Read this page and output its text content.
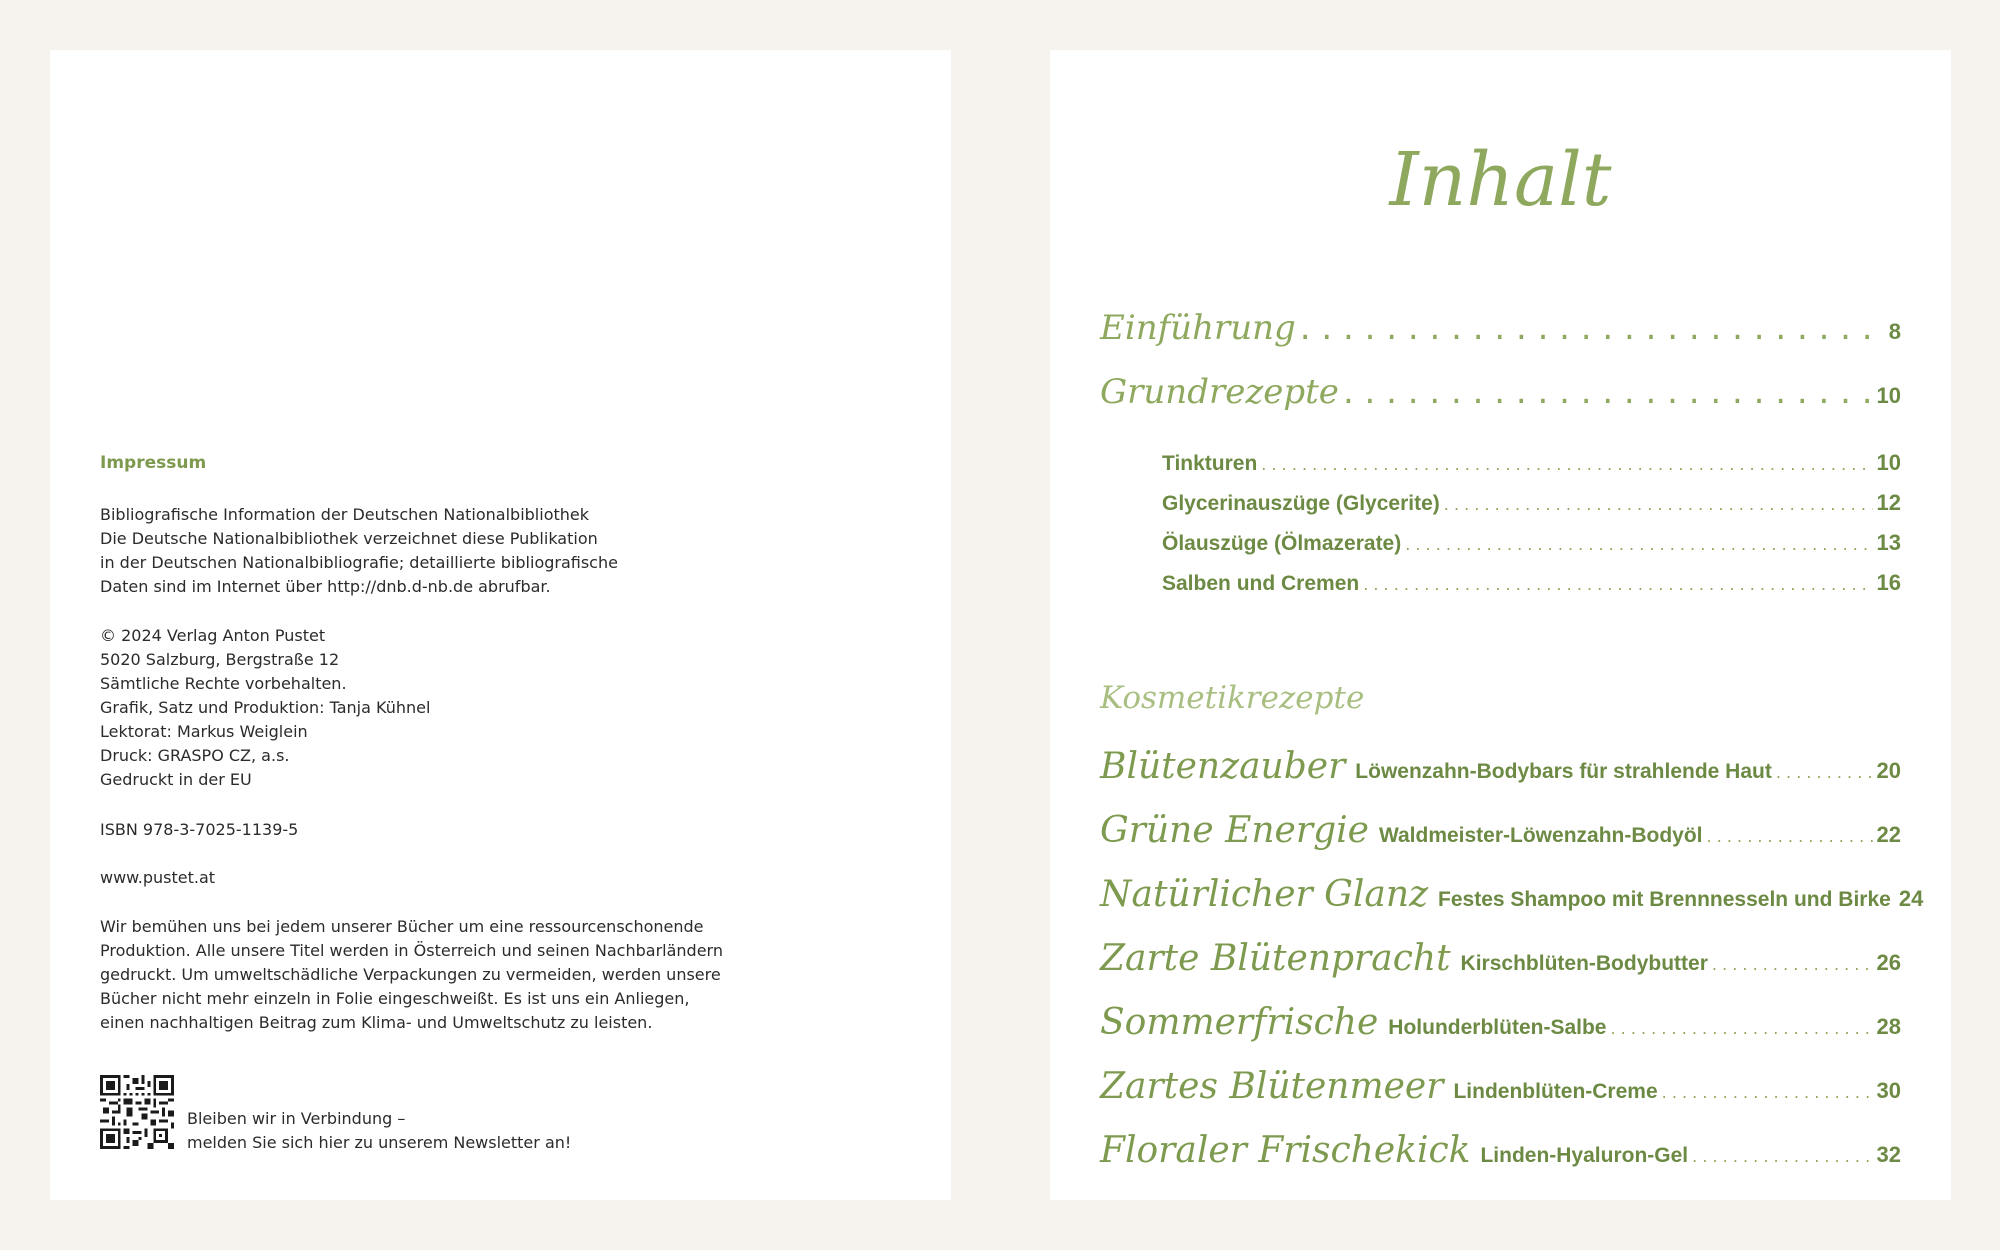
Impressum
Bibliografische Information der Deutschen Nationalbibliothek
Die Deutsche Nationalbibliothek verzeichnet diese Publikation
in der Deutschen Nationalbibliografie; detaillierte bibliografische
Daten sind im Internet über http://dnb.d-nb.de abrufbar.
© 2024 Verlag Anton Pustet
5020 Salzburg, Bergstraße 12
Sämtliche Rechte vorbehalten.
Grafik, Satz und Produktion: Tanja Kühnel
Lektorat: Markus Weiglein
Druck: GRASPO CZ, a.s.
Gedruckt in der EU
ISBN 978-3-7025-1139-5
www.pustet.at
Wir bemühen uns bei jedem unserer Bücher um eine ressourcenschonende
Produktion. Alle unsere Titel werden in Österreich und seinen Nachbarländern
gedruckt. Um umweltschädliche Verpackungen zu vermeiden, werden unsere
Bücher nicht mehr einzeln in Folie eingeschweißt. Es ist uns ein Anliegen,
einen nachhaltigen Beitrag zum Klima- und Umweltschutz zu leisten.
Bleiben wir in Verbindung –
melden Sie sich hier zu unserem Newsletter an!
Inhalt
Einführung . . .	8
Grundrezepte . . .	10
Tinkturen . . .	10
Glycerinauszüge (Glycerite) . . .	12
Ölauszüge (Ölmazerate) . . .	13
Salben und Cremen . . .	16
Kosmetikrezepte
Blütenzauber Löwenzahn-Bodybars für strahlende Haut . . .	20
Grüne Energie Waldmeister-Löwenzahn-Bodyöl . . .	22
Natürlicher Glanz Festes Shampoo mit Brennnesseln und Birke 24
Zarte Blütenpracht Kirschblüten-Bodybutter . . .	26
Sommerfrische Holunderblüten-Salbe . . .	28
Zartes Blütenmeer Lindenblüten-Creme . . .	30
Floraler Frischekick Linden-Hyaluron-Gel . . .	32
